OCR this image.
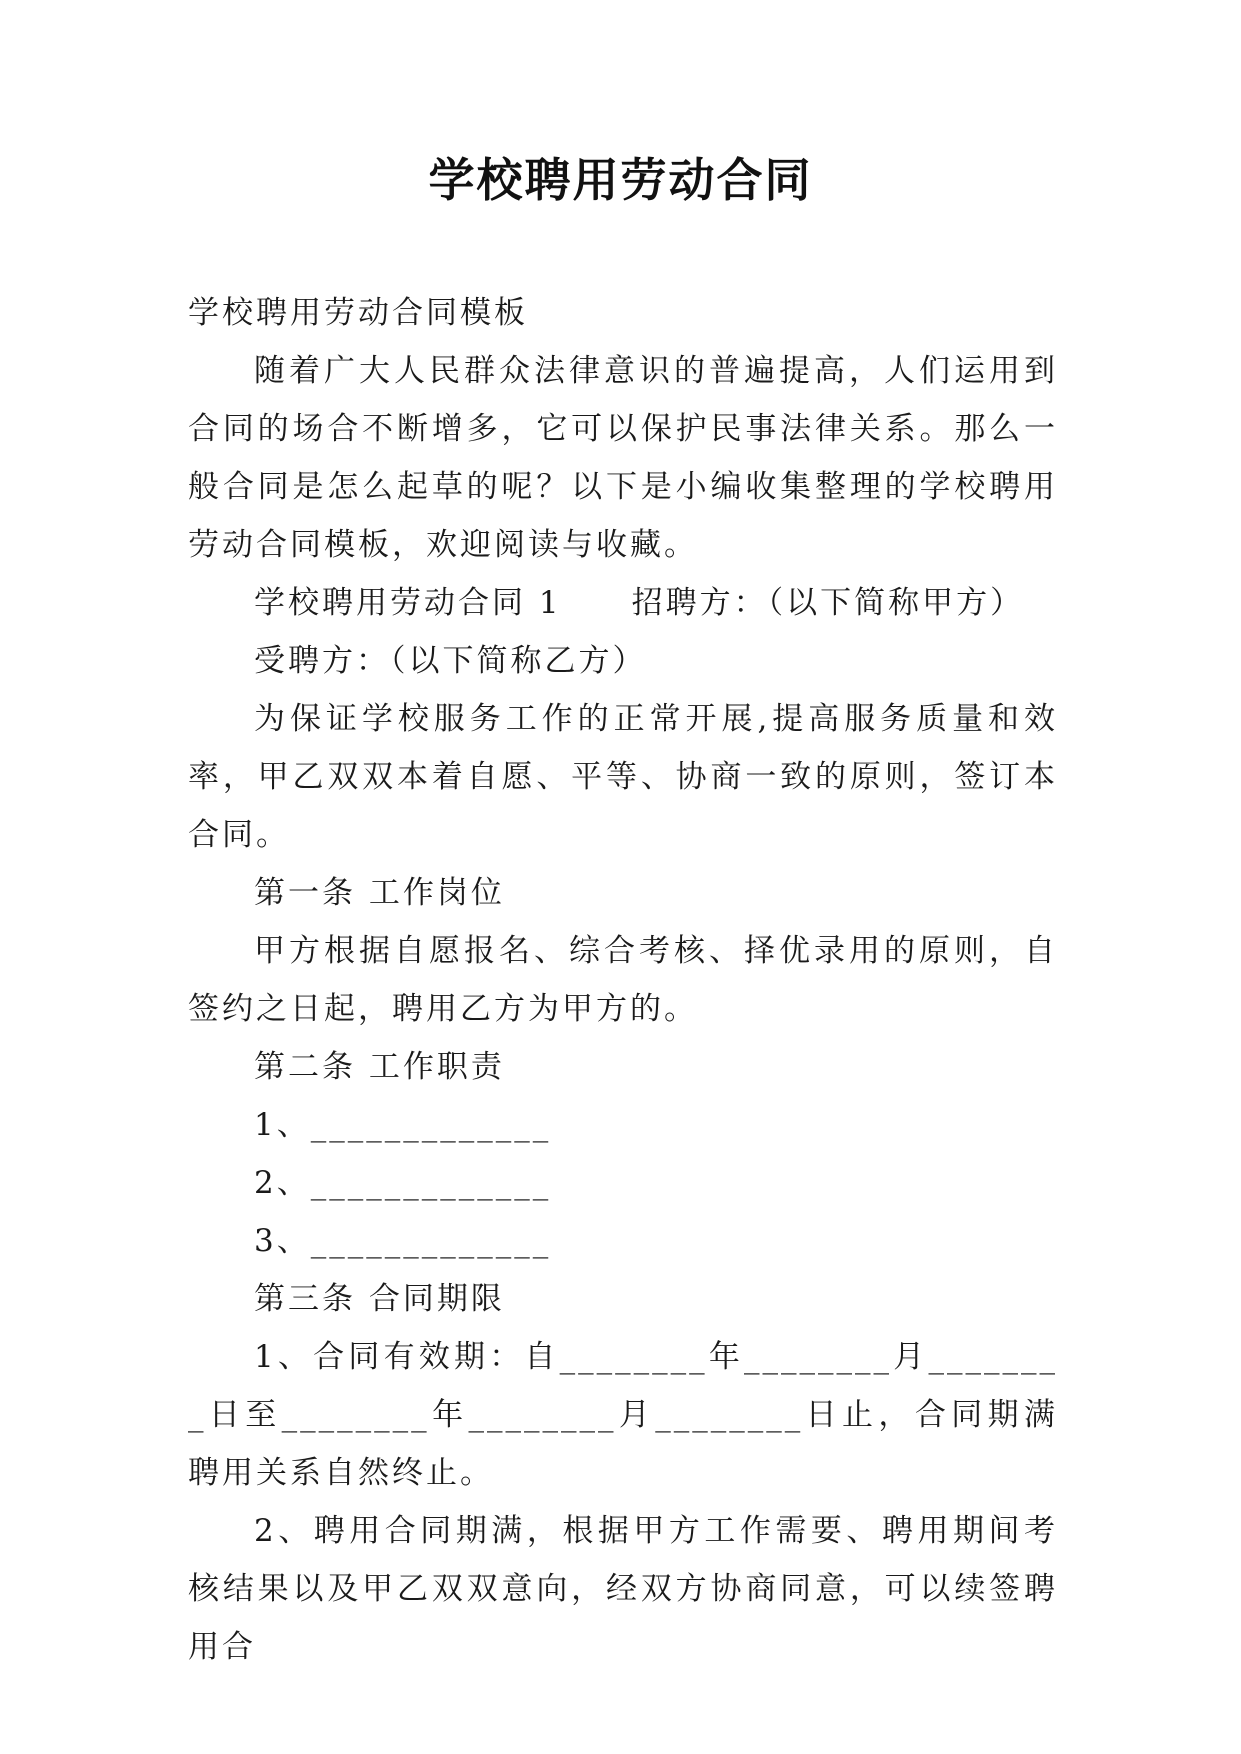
学校聘用劳动合同

学校聘用劳动合同模板

随着广大人民群众法律意识的普遍提高，人们运用到合同的场合不断增多，它可以保护民事法律关系。那么一般合同是怎么起草的呢？以下是小编收集整理的学校聘用劳动合同模板，欢迎阅读与收藏。

学校聘用劳动合同 1 招聘方：（以下简称甲方）

受聘方：（以下简称乙方）

为保证学校服务工作的正常开展,提高服务质量和效率，甲乙双双本着自愿、平等、协商一致的原则，签订本合同。

第一条 工作岗位

甲方根据自愿报名、综合考核、择优录用的原则，自签约之日起，聘用乙方为甲方的。

第二条 工作职责

1、_____________

2、_____________

3、_____________

第三条 合同期限

1、合同有效期：自________年________月________日至________年________月________日止，合同期满聘用关系自然终止。

2、聘用合同期满，根据甲方工作需要、聘用期间考核结果以及甲乙双双意向，经双方协商同意，可以续签聘用合
